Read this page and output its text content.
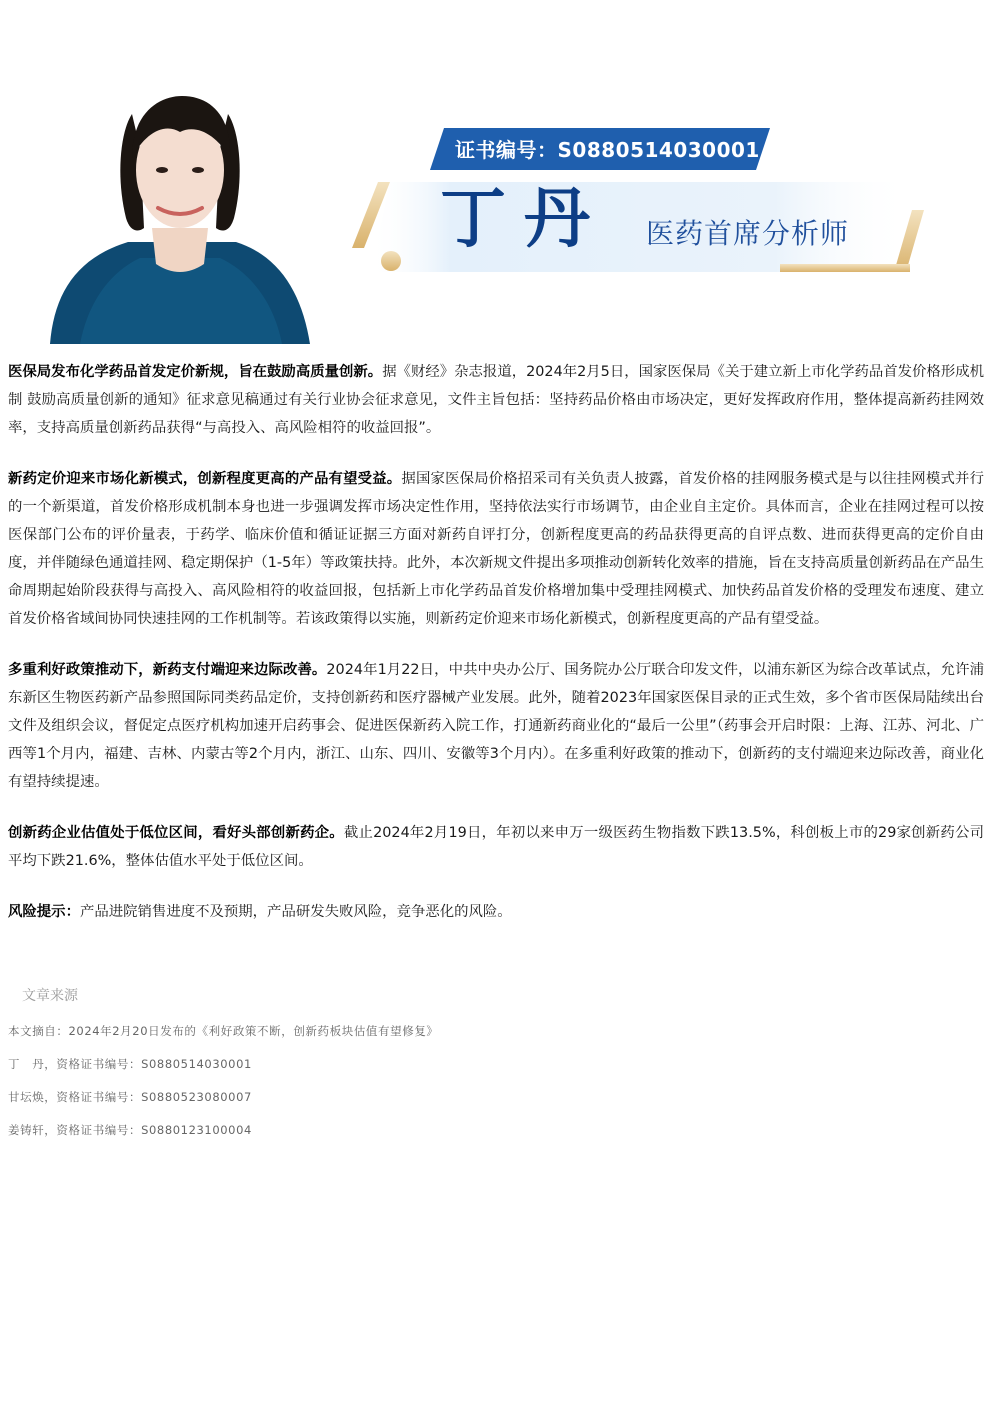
证书编号：S0880514030001
丁丹 医药首席分析师

医保局发布化学药品首发定价新规，旨在鼓励高质量创新。据《财经》杂志报道，2024年2月5日，国家医保局《关于建立新上市化学药品首发价格形成机制 鼓励高质量创新的通知》征求意见稿通过有关行业协会征求意见，文件主旨包括：坚持药品价格由市场决定，更好发挥政府作用，整体提高新药挂网效率，支持高质量创新药品获得“与高投入、高风险相符的收益回报”。

新药定价迎来市场化新模式，创新程度更高的产品有望受益。据国家医保局价格招采司有关负责人披露，首发价格的挂网服务模式是与以往挂网模式并行的一个新渠道，首发价格形成机制本身也进一步强调发挥市场决定性作用，坚持依法实行市场调节，由企业自主定价。具体而言，企业在挂网过程可以按医保部门公布的评价量表，于药学、临床价值和循证证据三方面对新药自评打分，创新程度更高的药品获得更高的自评点数、进而获得更高的定价自由度，并伴随绿色通道挂网、稳定期保护（1-5年）等政策扶持。此外，本次新规文件提出多项推动创新转化效率的措施，旨在支持高质量创新药品在产品生命周期起始阶段获得与高投入、高风险相符的收益回报，包括新上市化学药品首发价格增加集中受理挂网模式、加快药品首发价格的受理发布速度、建立首发价格省域间协同快速挂网的工作机制等。若该政策得以实施，则新药定价迎来市场化新模式，创新程度更高的产品有望受益。

多重利好政策推动下，新药支付端迎来边际改善。2024年1月22日，中共中央办公厅、国务院办公厅联合印发文件，以浦东新区为综合改革试点，允许浦东新区生物医药新产品参照国际同类药品定价，支持创新药和医疗器械产业发展。此外，随着2023年国家医保目录的正式生效，多个省市医保局陆续出台文件及组织会议，督促定点医疗机构加速开启药事会、促进医保新药入院工作，打通新药商业化的“最后一公里”（药事会开启时限：上海、江苏、河北、广西等1个月内，福建、吉林、内蒙古等2个月内，浙江、山东、四川、安徽等3个月内）。在多重利好政策的推动下，创新药的支付端迎来边际改善，商业化有望持续提速。

创新药企业估值处于低位区间，看好头部创新药企。截止2024年2月19日，年初以来申万一级医药生物指数下跌13.5%，科创板上市的29家创新药公司平均下跌21.6%，整体估值水平处于低位区间。

风险提示：产品进院销售进度不及预期，产品研发失败风险，竞争恶化的风险。

文章来源
本文摘自：2024年2月20日发布的《利好政策不断，创新药板块估值有望修复》
丁　丹，资格证书编号：S0880514030001
甘坛焕，资格证书编号：S0880523080007
姜铸轩，资格证书编号：S0880123100004
